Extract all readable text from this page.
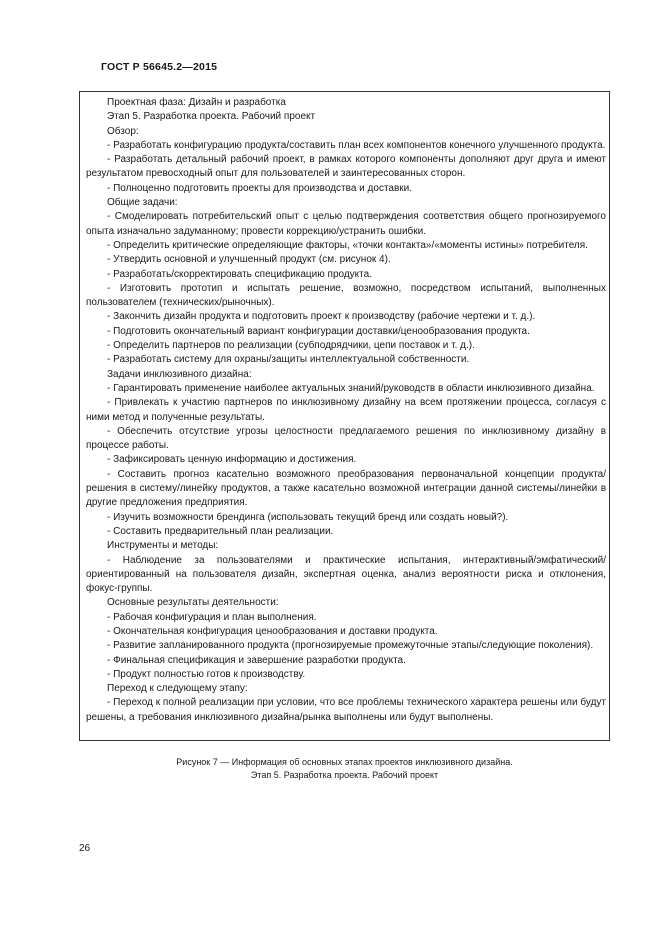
ГОСТ Р 56645.2—2015

Проектная фаза: Дизайн и разработка

Этап 5. Разработка проекта. Рабочий проект

Обзор:

- Разработать конфигурацию продукта/составить план всех компонентов конечного улучшенного продукта.

- Разработать детальный рабочий проект, в рамках которого компоненты дополняют друг друга и имеют результатом превосходный опыт для пользователей и заинтересованных сторон.

- Полноценно подготовить проекты для производства и доставки.

Общие задачи:

- Смоделировать потребительский опыт с целью подтверждения соответствия общего прогнозируемого опыта изначально задуманному; провести коррекцию/устранить ошибки.

- Определить критические определяющие факторы, «точки контакта»/«моменты истины» потребителя.

- Утвердить основной и улучшенный продукт (см. рисунок 4).

- Разработать/скорректировать спецификацию продукта.

- Изготовить прототип и испытать решение, возможно, посредством испытаний, выполненных пользователем (технических/рыночных).

- Закончить дизайн продукта и подготовить проект к производству (рабочие чертежи и т. д.).

- Подготовить окончательный вариант конфигурации доставки/ценообразования продукта.

- Определить партнеров по реализации (субподрядчики, цепи поставок и т. д.).

- Разработать систему для охраны/защиты интеллектуальной собственности.

Задачи инклюзивного дизайна:

- Гарантировать применение наиболее актуальных знаний/руководств в области инклюзивного дизайна.

- Привлекать к участию партнеров по инклюзивному дизайну на всем протяжении процесса, согласуя с ними метод и полученные результаты.

- Обеспечить отсутствие угрозы целостности предлагаемого решения по инклюзивному дизайну в процессе работы.

- Зафиксировать ценную информацию и достижения.

- Составить прогноз касательно возможного преобразования первоначальной концепции продукта/решения в систему/линейку продуктов, а также касательно возможной интеграции данной системы/линейки в другие предложения предприятия.

- Изучить возможности брендинга (использовать текущий бренд или создать новый?).

- Составить предварительный план реализации.

Инструменты и методы:

- Наблюдение за пользователями и практические испытания, интерактивный/эмфатический/ориентированный на пользователя дизайн, экспертная оценка, анализ вероятности риска и отклонения, фокус-группы.

Основные результаты деятельности:

- Рабочая конфигурация и план выполнения.

- Окончательная конфигурация ценообразования и доставки продукта.

- Развитие запланированного продукта (прогнозируемые промежуточные этапы/следующие поколения).

- Финальная спецификация и завершение разработки продукта.

- Продукт полностью готов к производству.

Переход к следующему этапу:

- Переход к полной реализации при условии, что все проблемы технического характера решены или будут решены, а требования инклюзивного дизайна/рынка выполнены или будут выполнены.

Рисунок 7 — Информация об основных этапах проектов инклюзивного дизайна.
Этап 5. Разработка проекта. Рабочий проект
26
